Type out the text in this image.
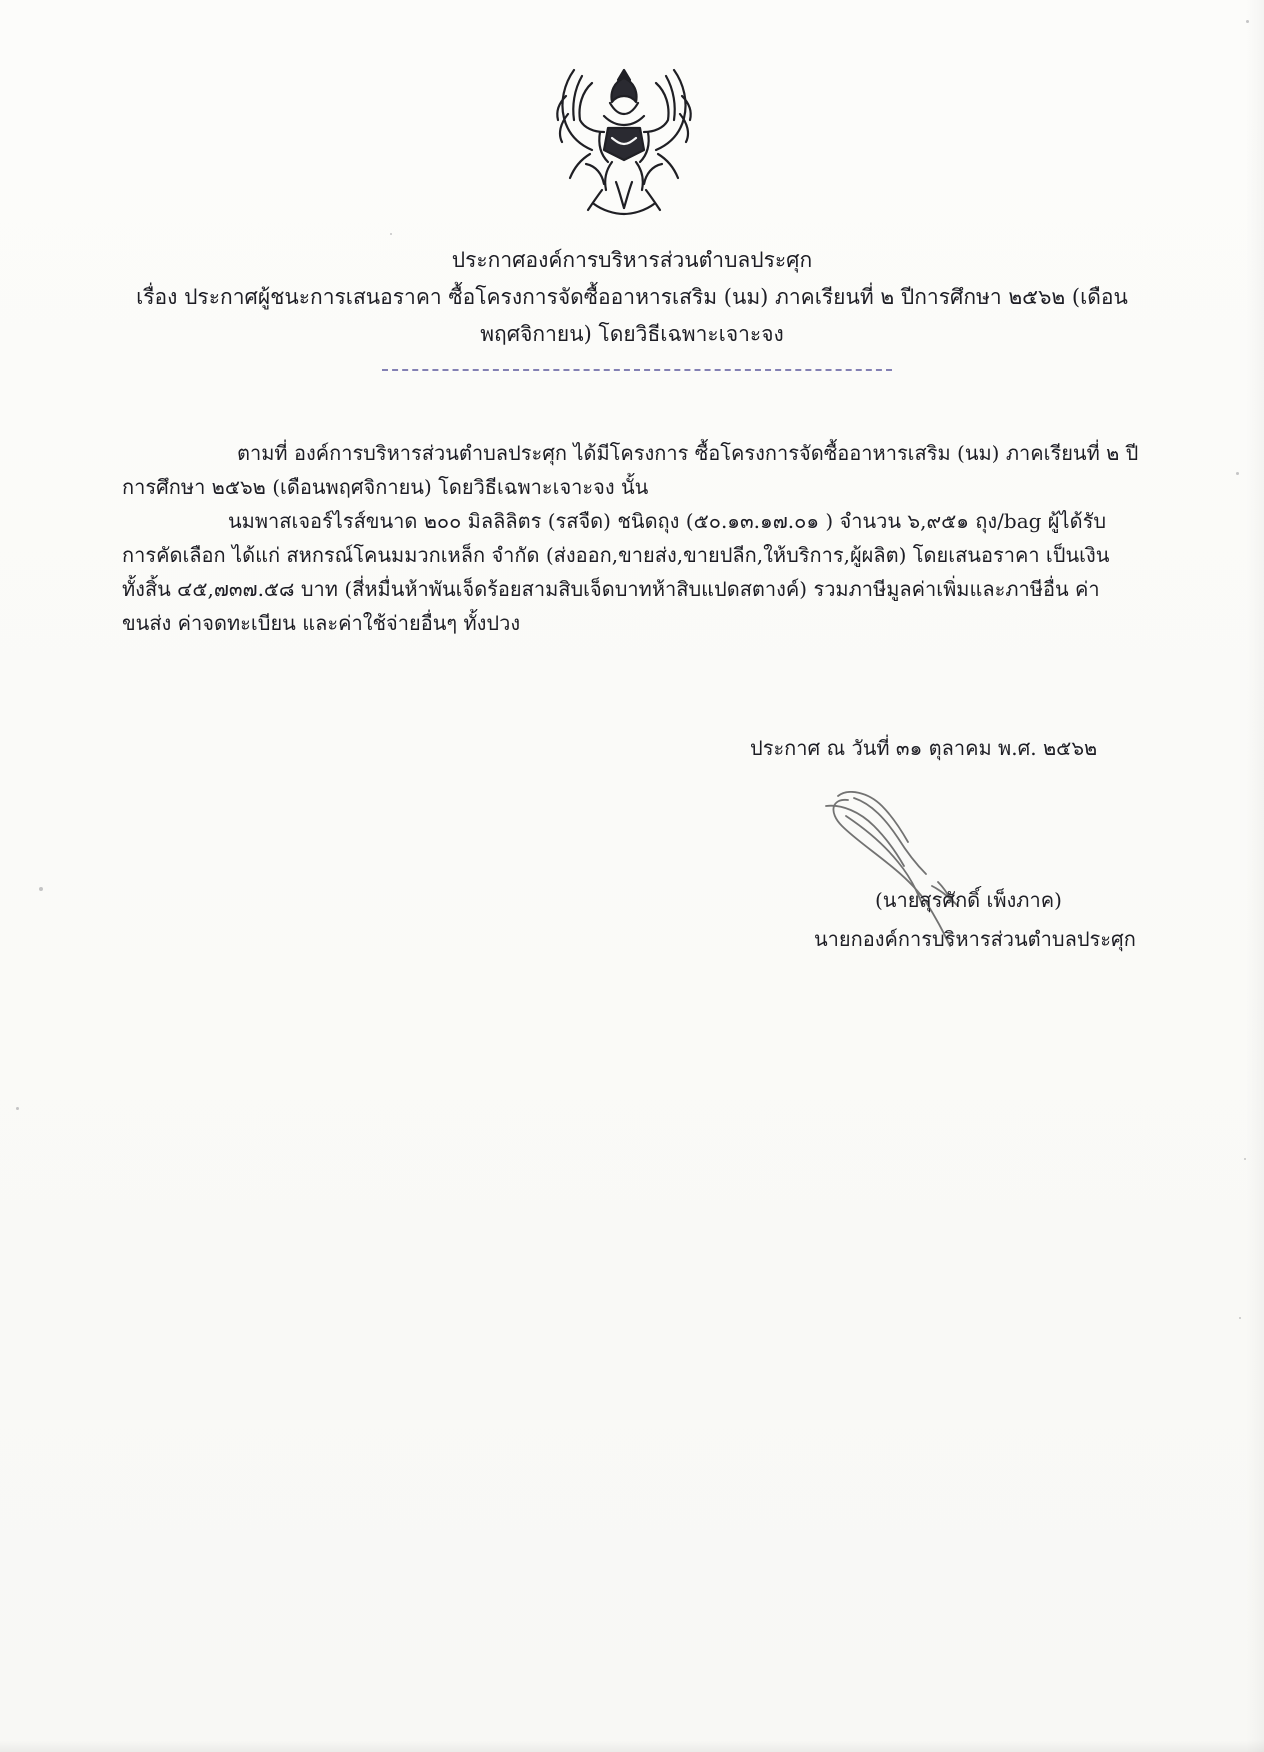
ประกาศองค์การบริหารส่วนตำบลประศุก
เรื่อง ประกาศผู้ชนะการเสนอราคา ซื้อโครงการจัดซื้ออาหารเสริม (นม) ภาคเรียนที่ ๒ ปีการศึกษา ๒๕๖๒ (เดือน
พฤศจิกายน) โดยวิธีเฉพาะเจาะจง

ตามที่ องค์การบริหารส่วนตำบลประศุก ได้มีโครงการ ซื้อโครงการจัดซื้ออาหารเสริม (นม) ภาคเรียนที่ ๒ ปี

การศึกษา ๒๕๖๒ (เดือนพฤศจิกายน) โดยวิธีเฉพาะเจาะจง นั้น

นมพาสเจอร์ไรส์ขนาด ๒๐๐ มิลลิลิตร (รสจืด) ชนิดถุง (๕๐.๑๓.๑๗.๐๑ ) จำนวน ๖,๙๕๑ ถุง/bag ผู้ได้รับ

การคัดเลือก ได้แก่ สหกรณ์โคนมมวกเหล็ก จำกัด (ส่งออก,ขายส่ง,ขายปลีก,ให้บริการ,ผู้ผลิต) โดยเสนอราคา เป็นเงิน

ทั้งสิ้น ๔๕,๗๓๗.๕๘ บาท (สี่หมื่นห้าพันเจ็ดร้อยสามสิบเจ็ดบาทห้าสิบแปดสตางค์) รวมภาษีมูลค่าเพิ่มและภาษีอื่น ค่า

ขนส่ง ค่าจดทะเบียน และค่าใช้จ่ายอื่นๆ ทั้งปวง

ประกาศ ณ วันที่ ๓๑ ตุลาคม พ.ศ. ๒๕๖๒
(นายสุรศักดิ์ เพ็งภาค)
นายกองค์การบริหารส่วนตำบลประศุก
